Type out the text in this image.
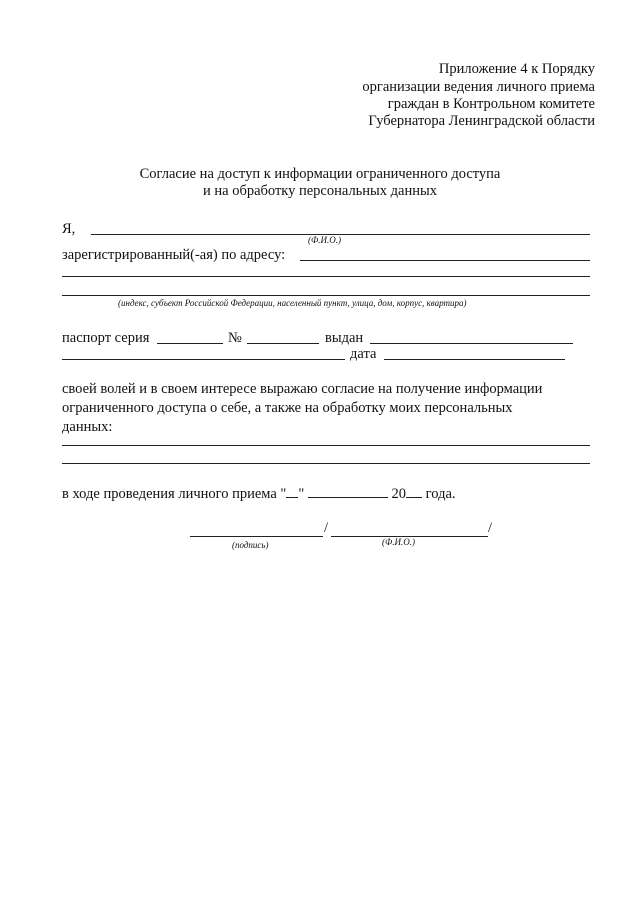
Приложение 4 к Порядку
организации ведения личного приема
граждан в Контрольном комитете
Губернатора Ленинградской области
Согласие на доступ к информации ограниченного доступа
и на обработку персональных данных
Я,
(Ф.И.О.)
зарегистрированный(-ая) по адресу:
(индекс, субъект Российской Федерации, населенный пункт, улица, дом, корпус, квартира)
паспорт серия	№	выдан
дата
своей волей и в своем интересе выражаю согласие на получение информации
ограниченного доступа о себе, а также на обработку моих персональных
данных:
в ходе проведения личного приема " "	20 года.
/	/
(подпись)	(Ф.И.О.)
